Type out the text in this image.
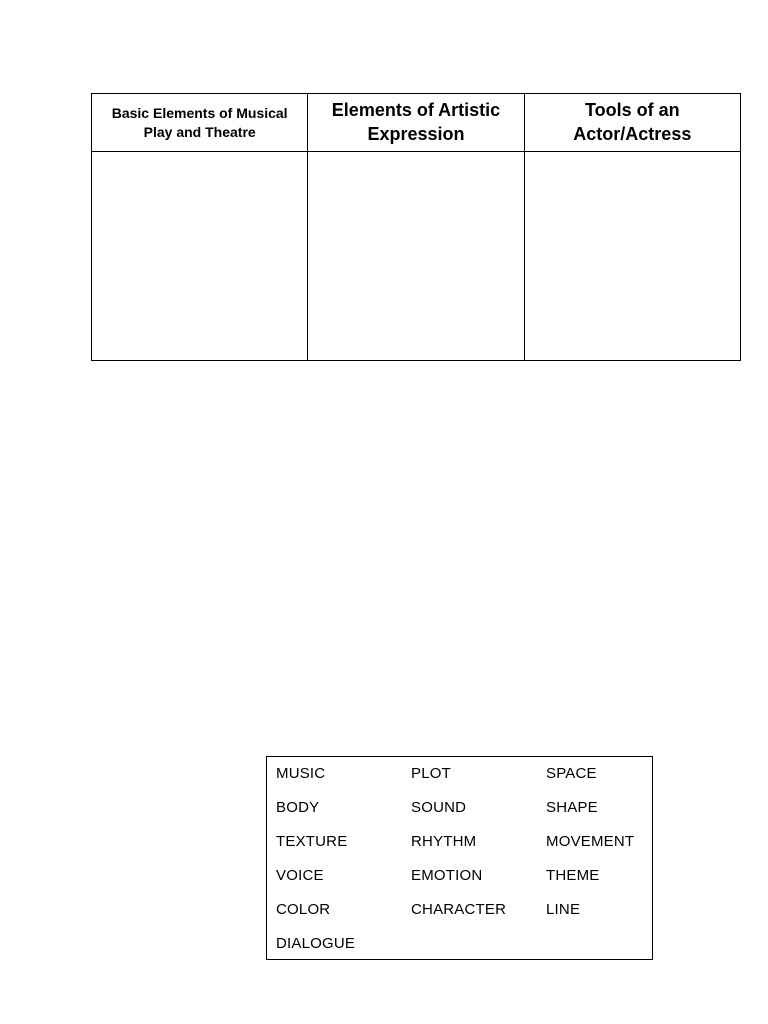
Basic Elements of Musical Play and Theatre	Elements of Artistic Expression	Tools of an Actor/Actress

MUSIC	PLOT	SPACE
BODY	SOUND	SHAPE
TEXTURE	RHYTHM	MOVEMENT
VOICE	EMOTION	THEME
COLOR	CHARACTER	LINE
DIALOGUE
